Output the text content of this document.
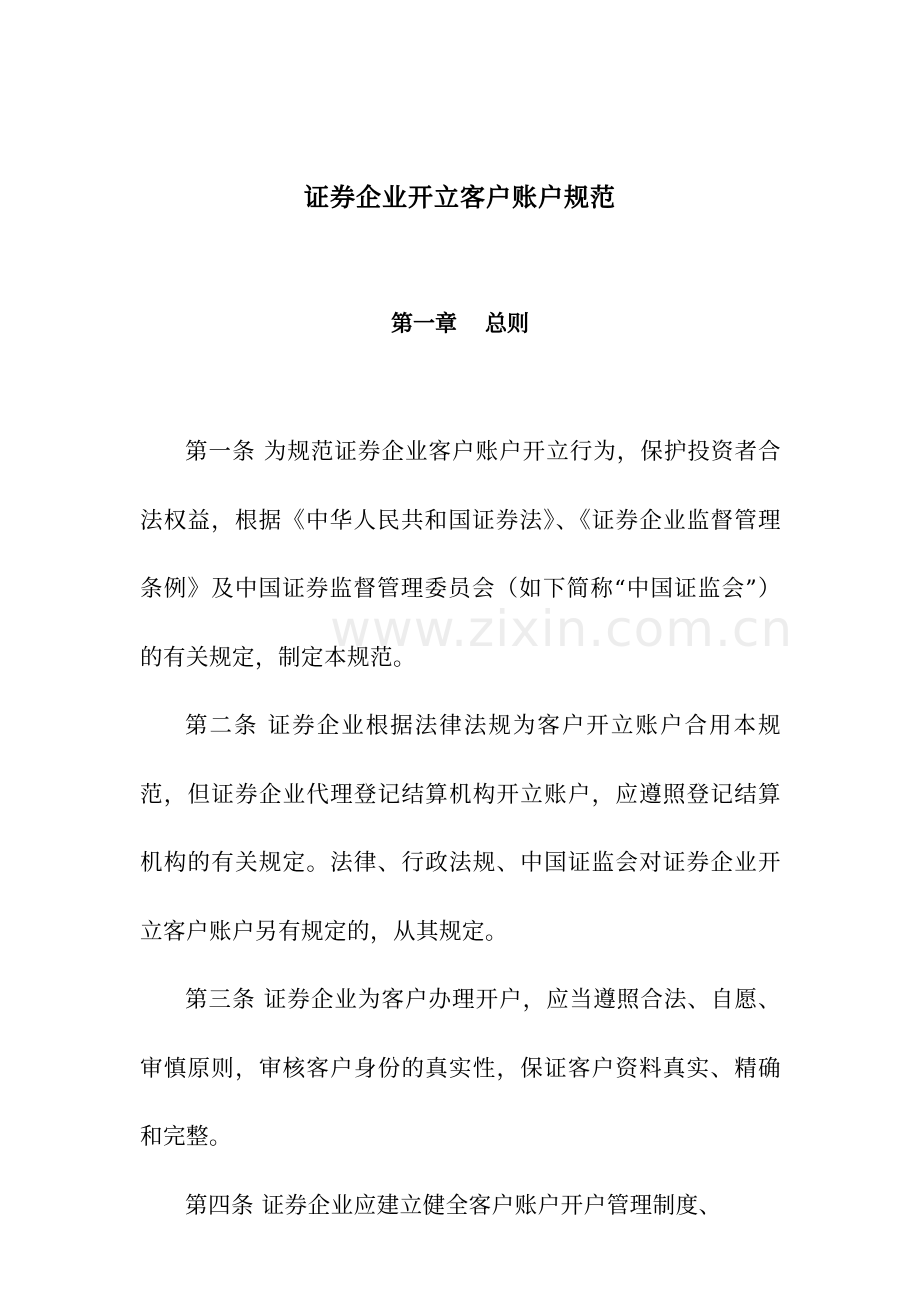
证券企业开立客户账户规范
第一章 总则

第一条 为规范证券企业客户账户开立行为，保护投资者合法权益，根据《中华人民共和国证券法》、《证券企业监督管理条例》及中国证券监督管理委员会（如下简称“中国证监会”）的有关规定，制定本规范。

第二条 证券企业根据法律法规为客户开立账户合用本规范，但证券企业代理登记结算机构开立账户，应遵照登记结算机构的有关规定。法律、行政法规、中国证监会对证券企业开立客户账户另有规定的，从其规定。

第三条 证券企业为客户办理开户，应当遵照合法、自愿、审慎原则，审核客户身份的真实性，保证客户资料真实、精确和完整。

第四条 证券企业应建立健全客户账户开户管理制度、

www.zixin.com.cn
